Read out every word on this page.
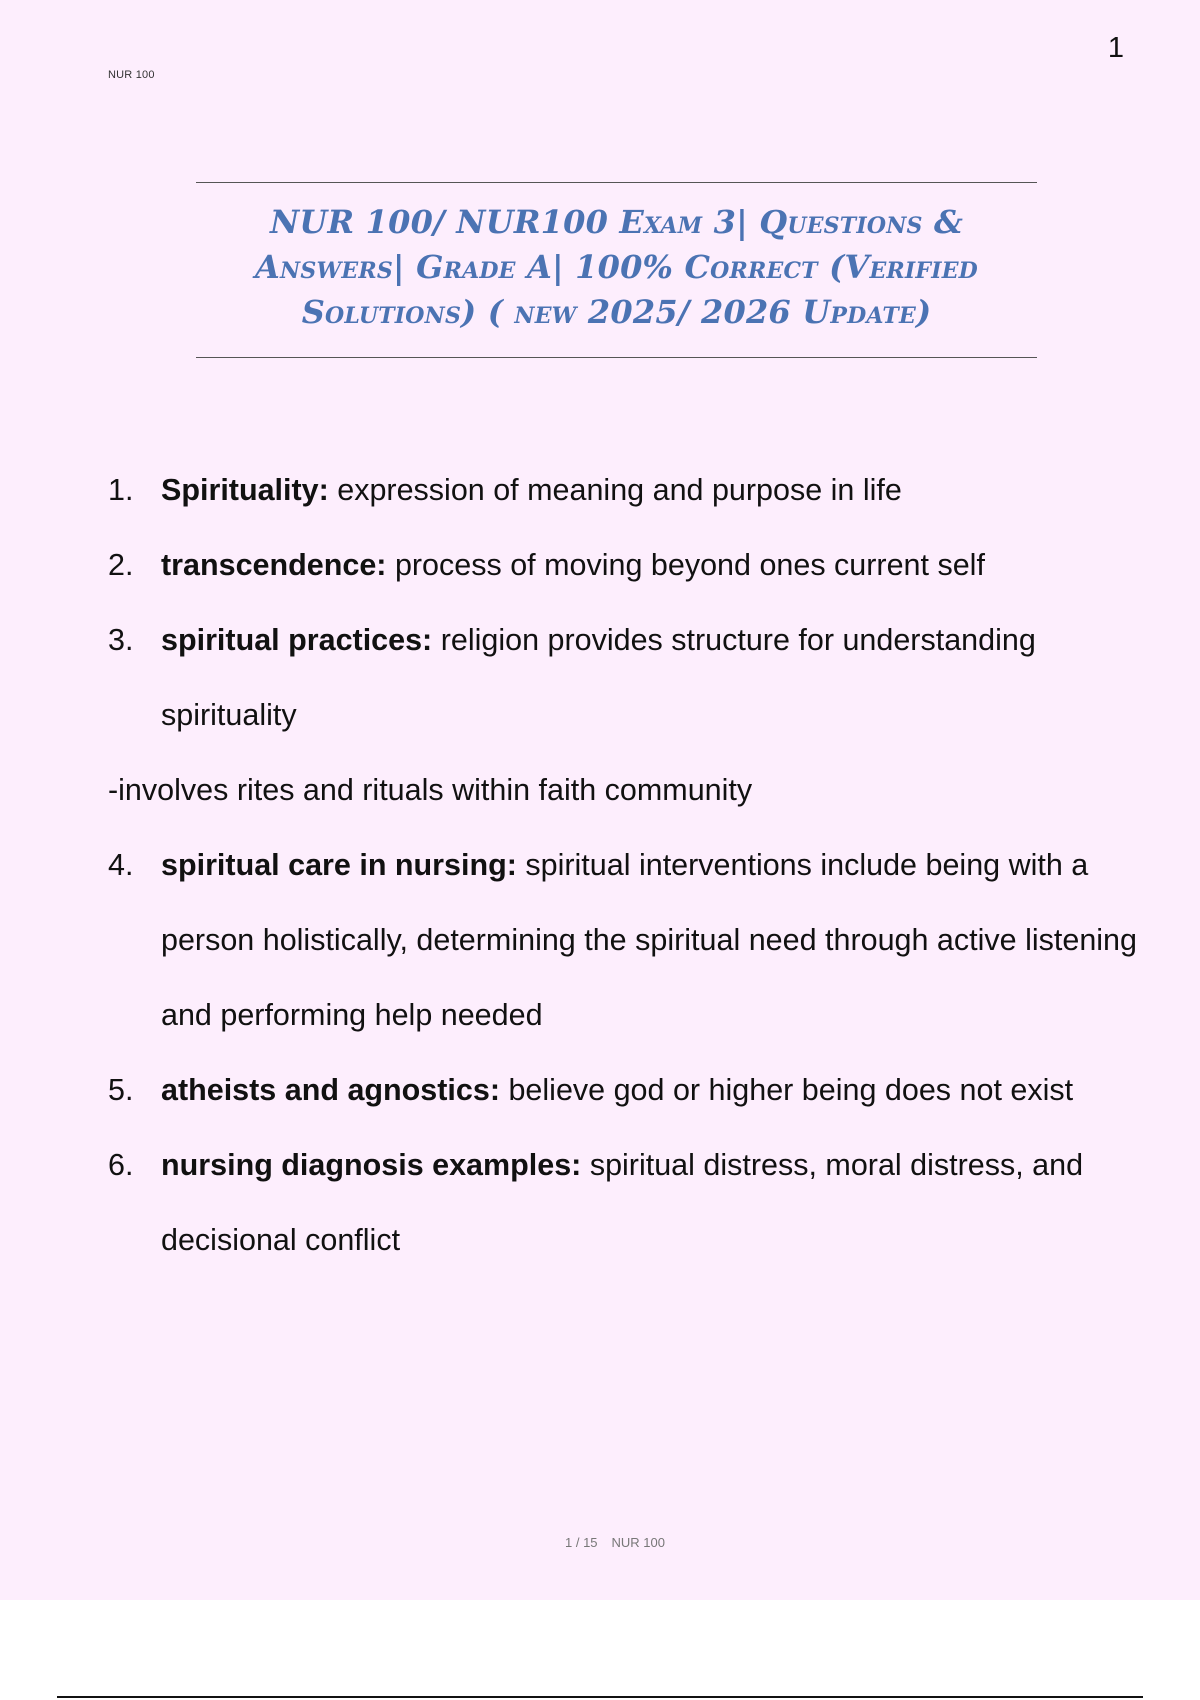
NUR 100
1
NUR 100/ NUR100 Exam 3| Questions &
Answers| Grade A| 100% Correct (Verified
Solutions) ( new 2025/ 2026 Update)
1. Spirituality: expression of meaning and purpose in life
2. transcendence: process of moving beyond ones current self
3. spiritual practices: religion provides structure for understanding spirituality
-involves rites and rituals within faith community
4. spiritual care in nursing: spiritual interventions include being with a person holistically, determining the spiritual need through active listening and performing help needed
5. atheists and agnostics: believe god or higher being does not exist
6. nursing diagnosis examples: spiritual distress, moral distress, and decisional conflict
1 / 15 NUR 100
